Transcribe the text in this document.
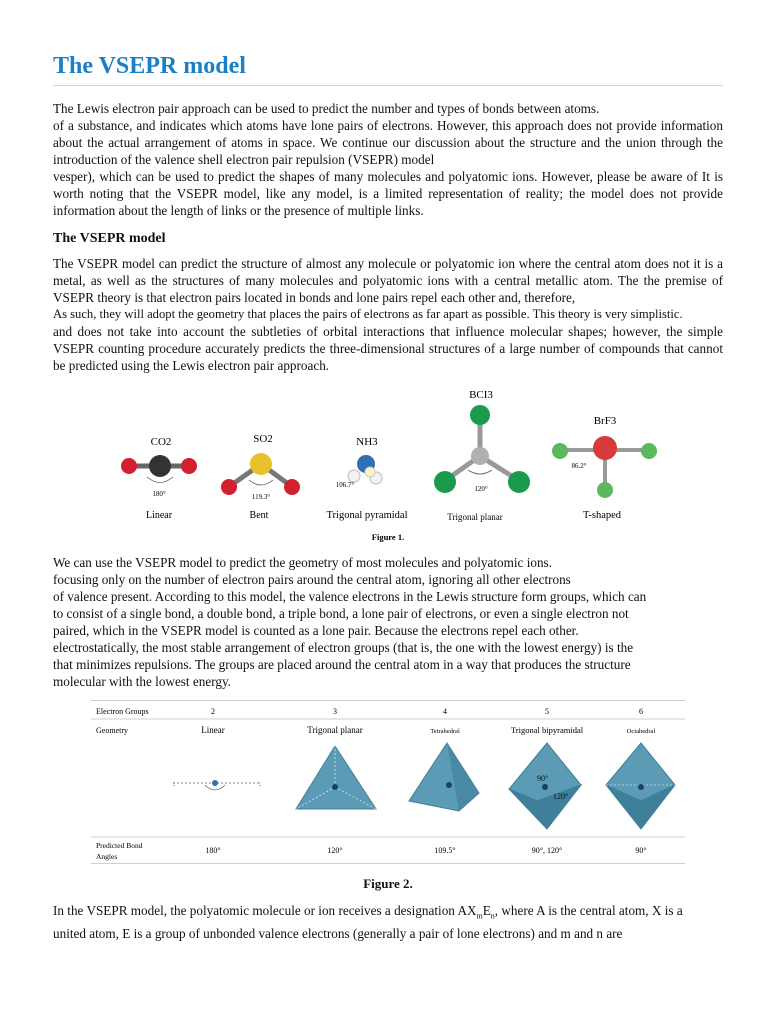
The VSEPR model

The Lewis electron pair approach can be used to predict the number and types of bonds between atoms.
of a substance, and indicates which atoms have lone pairs of electrons. However, this approach does not provide information about the actual arrangement of atoms in space. We continue our discussion about the structure and the union through the introduction of the valence shell electron pair repulsion (VSEPR) model
vesper), which can be used to predict the shapes of many molecules and polyatomic ions. However, please be aware of It is worth noting that the VSEPR model, like any model, is a limited representation of reality; the model does not provide information about the length of links or the presence of multiple links.

The VSEPR model

The VSEPR model can predict the structure of almost any molecule or polyatomic ion where the central atom does not it is a metal, as well as the structures of many molecules and polyatomic ions with a central metallic atom. The the premise of VSEPR theory is that electron pairs located in bonds and lone pairs repel each other and, therefore,
As such, they will adopt the geometry that places the pairs of electrons as far apart as possible. This theory is very simplistic.
and does not take into account the subtleties of orbital interactions that influence molecular shapes; however, the simple VSEPR counting procedure accurately predicts the three-dimensional structures of a large number of compounds that cannot be predicted using the Lewis electron pair approach.

CO2
180°
Linear
SO2
119.3°
Bent
NH3
106.7°
Trigonal pyramidal
BCI3
120°
Trigonal planar
BrF3
86.2°
T-shaped
Figure 1.

We can use the VSEPR model to predict the geometry of most molecules and polyatomic ions.
focusing only on the number of electron pairs around the central atom, ignoring all other electrons
of valence present. According to this model, the valence electrons in the Lewis structure form groups, which can
to consist of a single bond, a double bond, a triple bond, a lone pair of electrons, or even a single electron not
paired, which in the VSEPR model is counted as a lone pair. Because the electrons repel each other.
electrostatically, the most stable arrangement of electron groups (that is, the one with the lowest energy) is the
that minimizes repulsions. The groups are placed around the central atom in a way that produces the structure
molecular with the lowest energy.

Electron Groups
Geometry
Predicted Bond
Angles
2
Linear
180°
:	:
3
Trigonal planar
120°
4
Tetrahedral
109.5°
5
Trigonal bipyramidal
90°, 120°
90°
120°
6
Octahedral
90°
Figure 2.

In the VSEPR model, the polyatomic molecule or ion receives a designation $AX_mE_n$, where A is the central atom, X is a
united atom, E is a group of unbonded valence electrons (generally a pair of lone electrons) and m and n are
